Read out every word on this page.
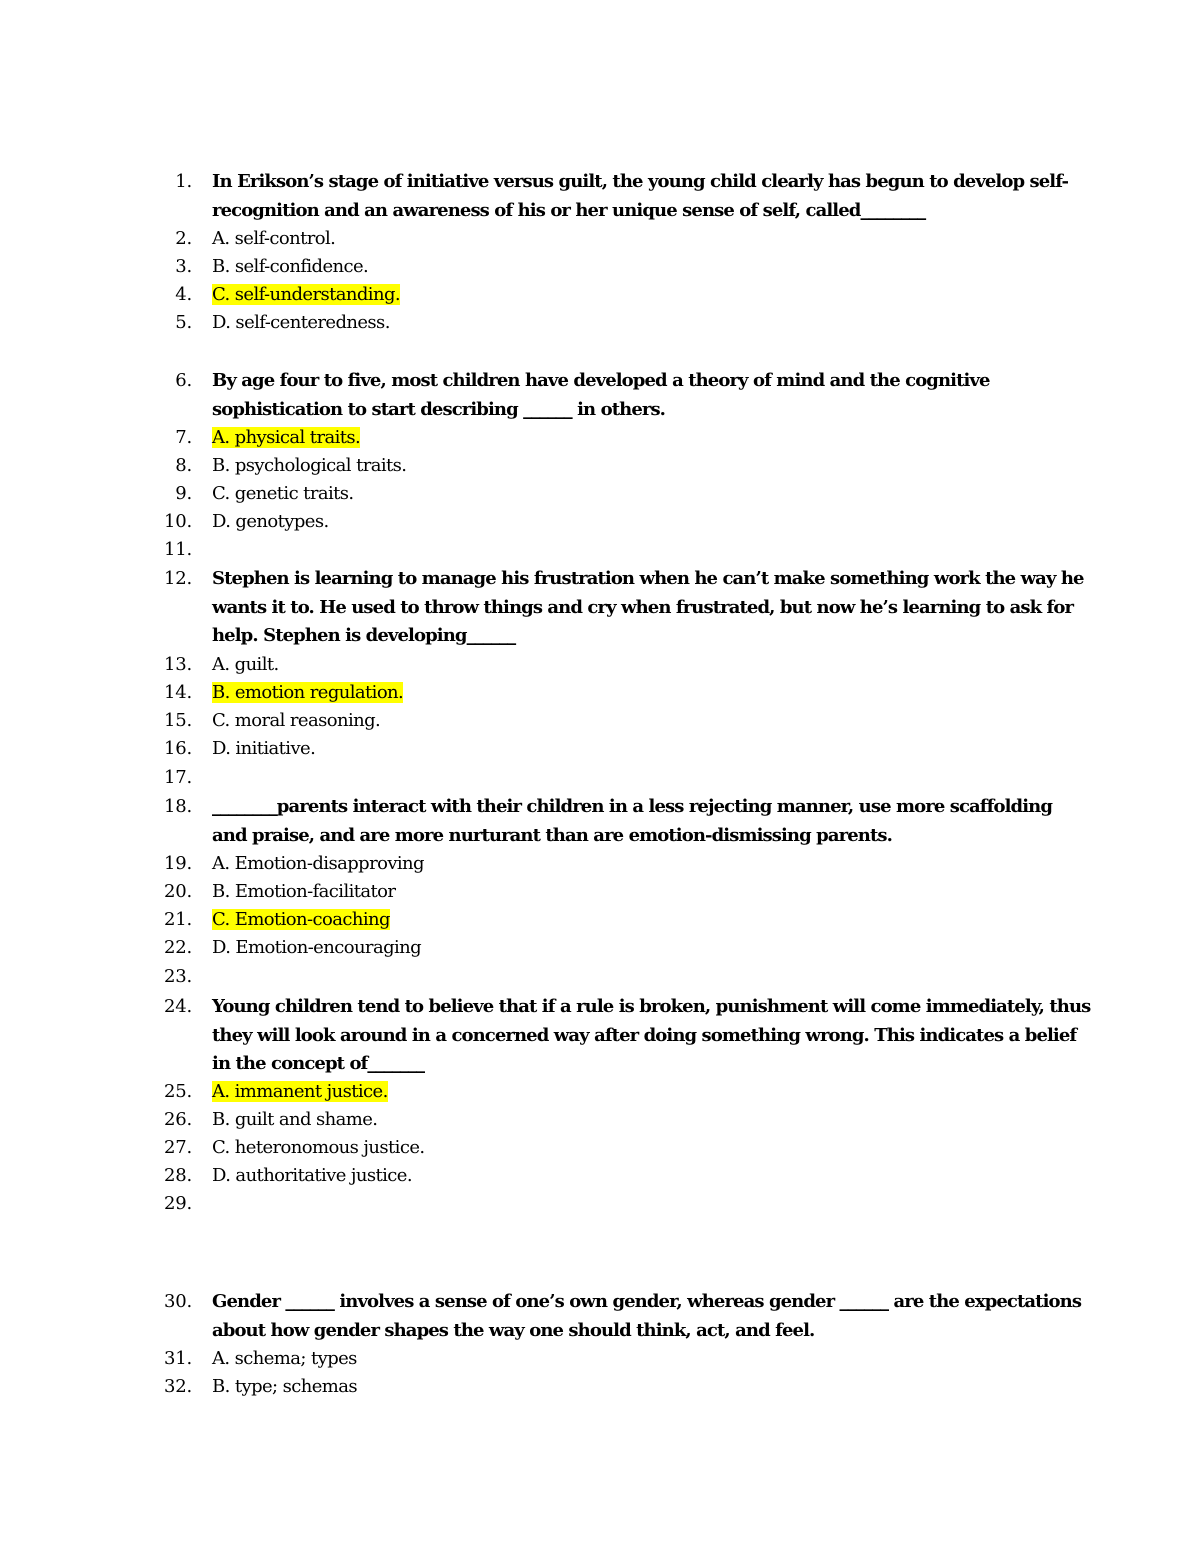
1. In Erikson’s stage of initiative versus guilt, the young child clearly has begun to develop self-recognition and an awareness of his or her unique sense of self, called________
2. A. self-control.
3. B. self-confidence.
4. C. self-understanding.
5. D. self-centeredness.
6. By age four to five, most children have developed a theory of mind and the cognitive sophistication to start describing ______ in others.
7. A. physical traits.
8. B. psychological traits.
9. C. genetic traits.
10. D. genotypes.
11.
12. Stephen is learning to manage his frustration when he can’t make something work the way he wants it to. He used to throw things and cry when frustrated, but now he’s learning to ask for help. Stephen is developing______
13. A. guilt.
14. B. emotion regulation.
15. C. moral reasoning.
16. D. initiative.
17.
18. ________parents interact with their children in a less rejecting manner, use more scaffolding and praise, and are more nurturant than are emotion-dismissing parents.
19. A. Emotion-disapproving
20. B. Emotion-facilitator
21. C. Emotion-coaching
22. D. Emotion-encouraging
23.
24. Young children tend to believe that if a rule is broken, punishment will come immediately, thus they will look around in a concerned way after doing something wrong. This indicates a belief in the concept of_______
25. A. immanent justice.
26. B. guilt and shame.
27. C. heteronomous justice.
28. D. authoritative justice.
29.
30. Gender ______ involves a sense of one’s own gender, whereas gender ______ are the expectations about how gender shapes the way one should think, act, and feel.
31. A. schema; types
32. B. type; schemas
